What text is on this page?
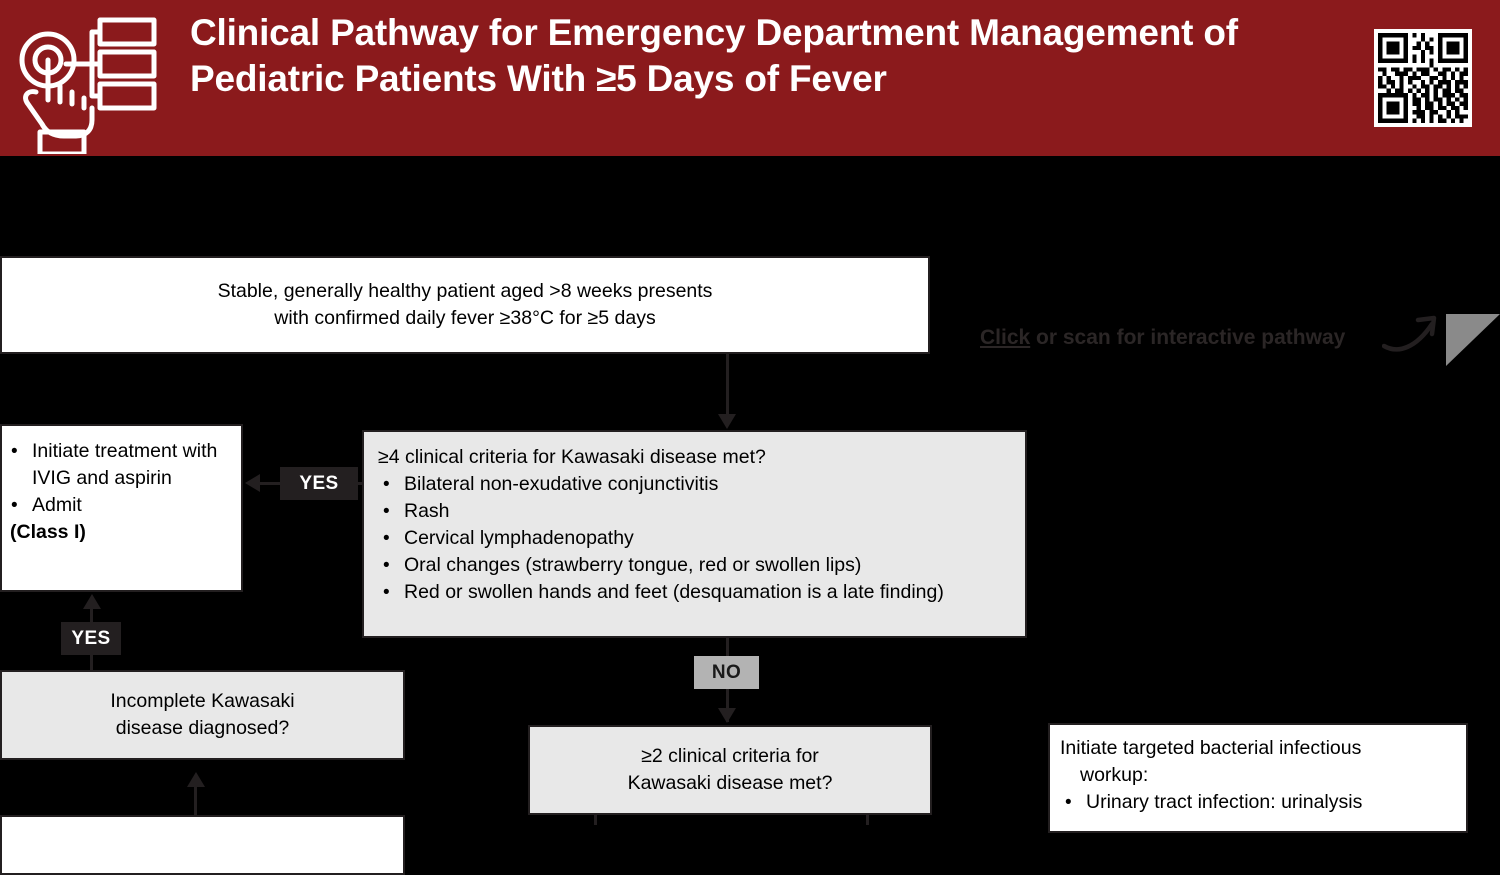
Clinical Pathway for Emergency Department Management of Pediatric Patients With ≥5 Days of Fever
Click or scan for interactive pathway
Stable, generally healthy patient aged >8 weeks presents
with confirmed daily fever ≥38°C for ≥5 days
≥4 clinical criteria for Kawasaki disease met?
• Bilateral non-exudative conjunctivitis
• Rash
• Cervical lymphadenopathy
• Oral changes (strawberry tongue, red or swollen lips)
• Red or swollen hands and feet (desquamation is a late finding)
YES
• Initiate treatment with IVIG and aspirin
• Admit
(Class I)
YES
Incomplete Kawasaki
disease diagnosed?
NO
≥2 clinical criteria for
Kawasaki disease met?
Initiate targeted bacterial infectious
workup:
• Urinary tract infection: urinalysis
